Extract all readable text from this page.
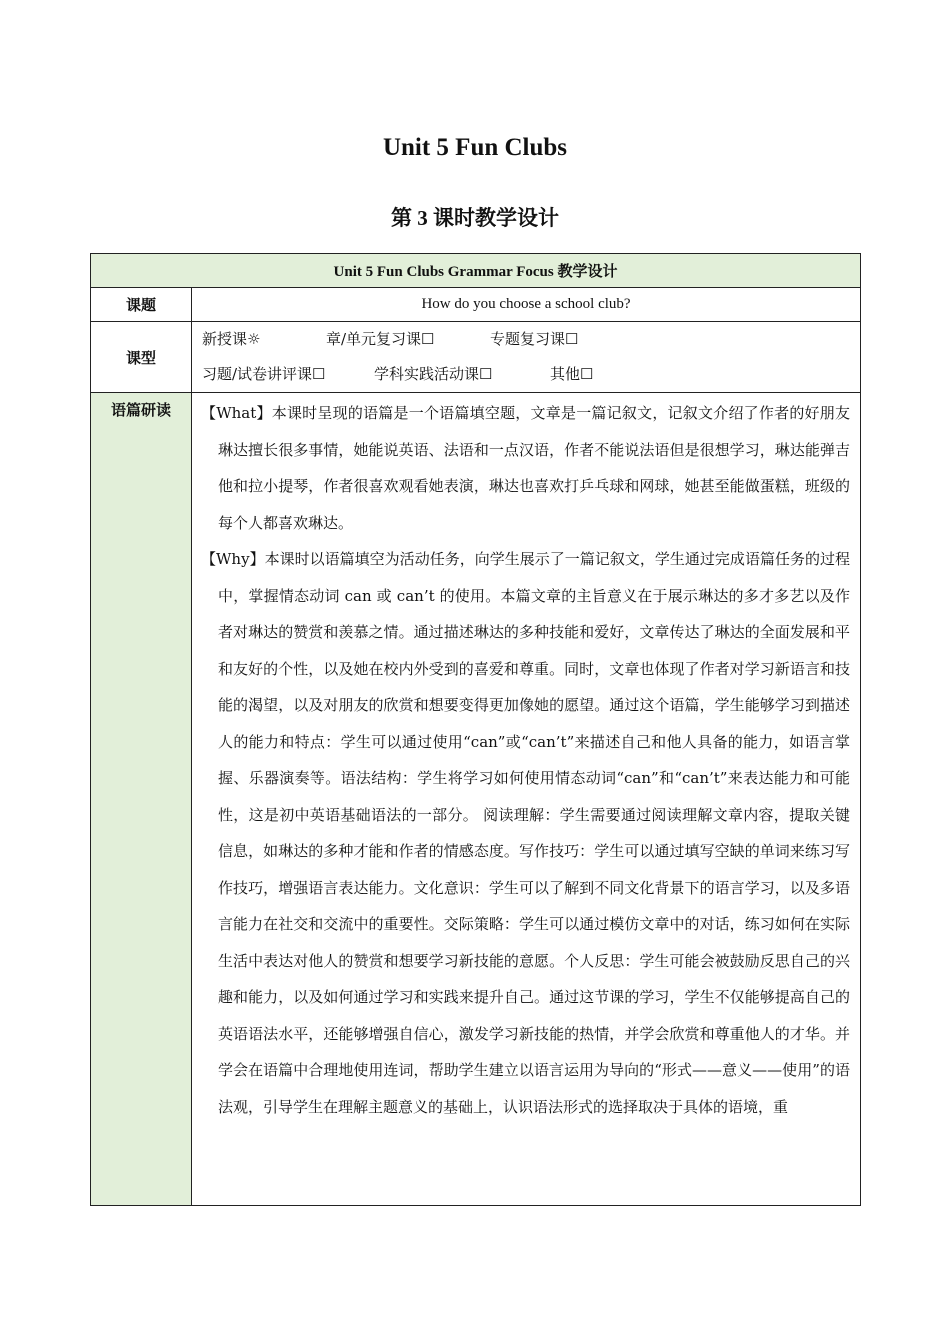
Unit 5 Fun Clubs
第 3 课时教学设计
Unit 5 Fun Clubs Grammar Focus 教学设计	
课题	How do you choose a school club?
课型	新授课☼ 章/单元复习课☐ 专题复习课☐
习题/试卷讲评课☐ 学科实践活动课☐ 其他☐

语篇研读	【What】本课时呈现的语篇是一个语篇填空题，文章是一篇记叙文，记叙文介绍了作者的好朋友琳达擅长很多事情，她能说英语、法语和一点汉语，作者不能说法语但是很想学习，琳达能弹吉他和拉小提琴，作者很喜欢观看她表演，琳达也喜欢打乒乓球和网球，她甚至能做蛋糕，班级的每个人都喜欢琳达。

【Why】本课时以语篇填空为活动任务，向学生展示了一篇记叙文，学生通过完成语篇任务的过程中，掌握情态动词 can 或 can’t 的使用。本篇文章的主旨意义在于展示琳达的多才多艺以及作者对琳达的赞赏和羡慕之情。通过描述琳达的多种技能和爱好，文章传达了琳达的全面发展和平和友好的个性，以及她在校内外受到的喜爱和尊重。同时，文章也体现了作者对学习新语言和技能的渴望，以及对朋友的欣赏和想要变得更加像她的愿望。通过这个语篇，学生能够学习到描述人的能力和特点：学生可以通过使用“can”或“can’t”来描述自己和他人具备的能力，如语言掌握、乐器演奏等。语法结构：学生将学习如何使用情态动词“can”和“can’t”来表达能力和可能性，这是初中英语基础语法的一部分。 阅读理解：学生需要通过阅读理解文章内容，提取关键信息，如琳达的多种才能和作者的情感态度。写作技巧：学生可以通过填写空缺的单词来练习写作技巧，增强语言表达能力。文化意识：学生可以了解到不同文化背景下的语言学习，以及多语言能力在社交和交流中的重要性。交际策略：学生可以通过模仿文章中的对话，练习如何在实际生活中表达对他人的赞赏和想要学习新技能的意愿。个人反思：学生可能会被鼓励反思自己的兴趣和能力，以及如何通过学习和实践来提升自己。通过这节课的学习，学生不仅能够提高自己的英语语法水平，还能够增强自信心，激发学习新技能的热情，并学会欣赏和尊重他人的才华。并学会在语篇中合理地使用连词，帮助学生建立以语言运用为导向的“形式——意义——使用”的语法观，引导学生在理解主题意义的基础上，认识语法形式的选择取决于具体的语境，重
